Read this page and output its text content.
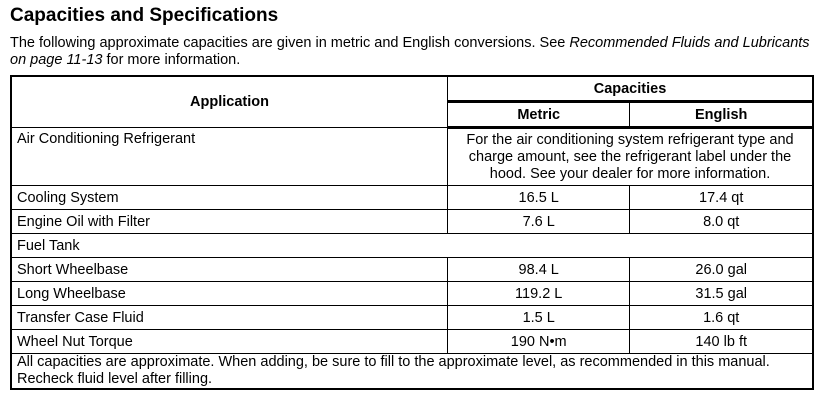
Capacities and Specifications
The following approximate capacities are given in metric and English conversions. See Recommended Fluids and Lubricants on page 11-13 for more information.
Application	Capacities	
	Metric	English
Air Conditioning Refrigerant	For the air conditioning system refrigerant type and charge amount, see the refrigerant label under the hood. See your dealer for more information.	
Cooling System	16.5 L	17.4 qt
Engine Oil with Filter	7.6 L	8.0 qt
Fuel Tank		
Short Wheelbase	98.4 L	26.0 gal
Long Wheelbase	119.2 L	31.5 gal
Transfer Case Fluid	1.5 L	1.6 qt
Wheel Nut Torque	190 N•m	140 lb ft
All capacities are approximate. When adding, be sure to fill to the approximate level, as recommended in this manual. Recheck fluid level after filling.		
